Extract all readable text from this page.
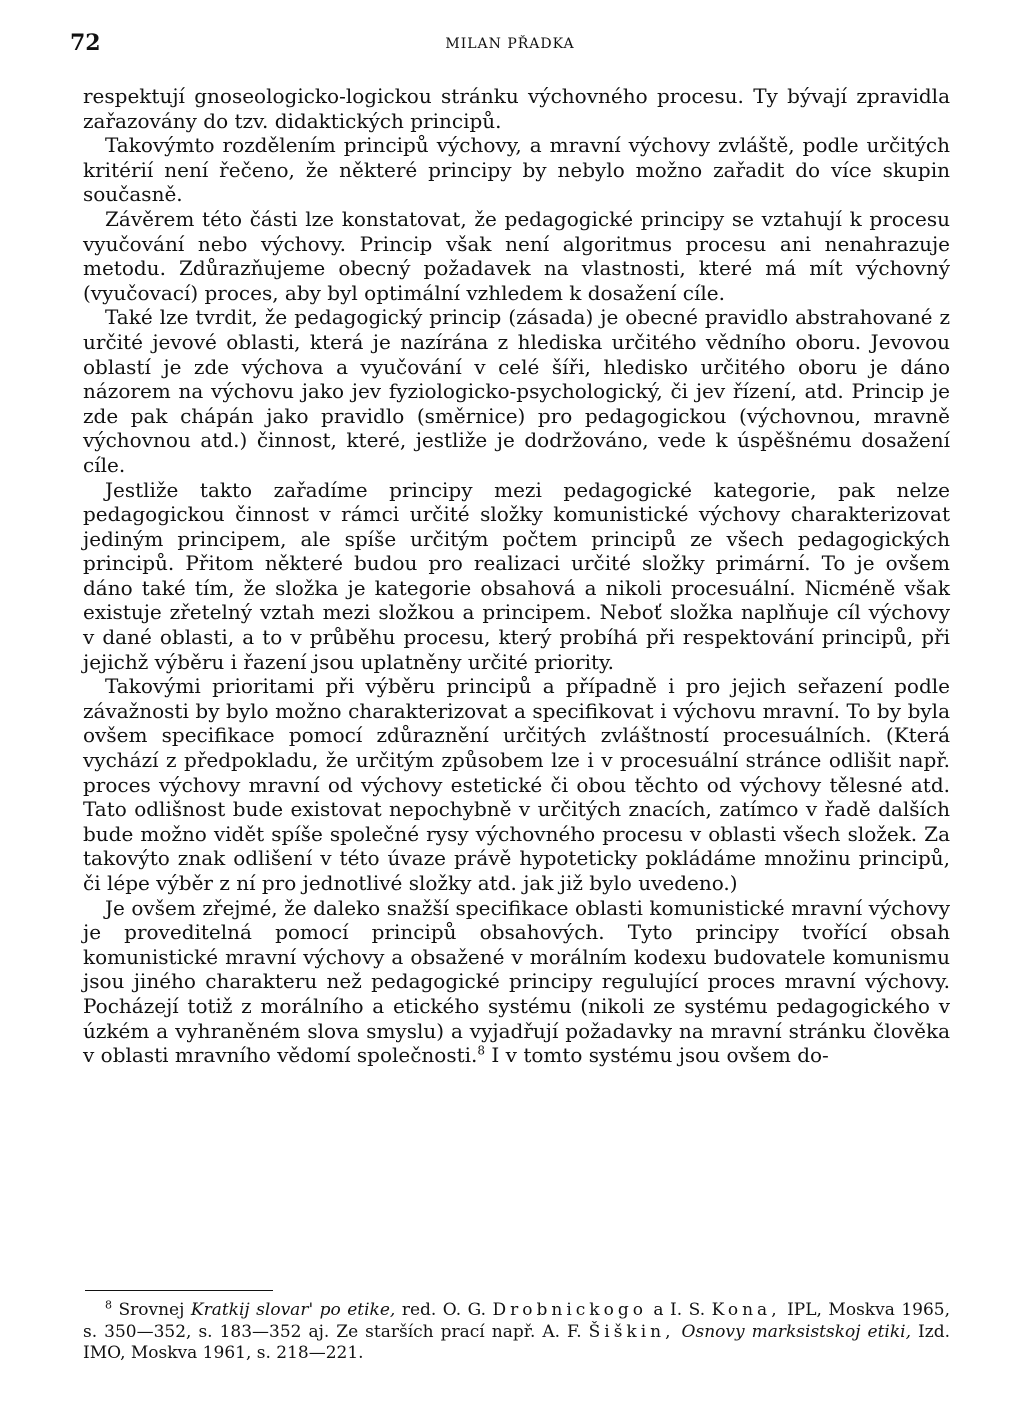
72	MILAN PŘADKA

respektují gnoseologicko-logickou stránku výchovného procesu. Ty bývají zpravidla zařazovány do tzv. didaktických principů.

Takovýmto rozdělením principů výchovy, a mravní výchovy zvláště, podle určitých kritérií není řečeno, že některé principy by nebylo možno zařadit do více skupin současně.

Závěrem této části lze konstatovat, že pedagogické principy se vztahují k procesu vyučování nebo výchovy. Princip však není algoritmus procesu ani nenahrazuje metodu. Zdůrazňujeme obecný požadavek na vlastnosti, které má mít výchovný (vyučovací) proces, aby byl optimální vzhledem k dosažení cíle.

Také lze tvrdit, že pedagogický princip (zásada) je obecné pravidlo abstrahované z určité jevové oblasti, která je nazírána z hlediska určitého vědního oboru. Jevovou oblastí je zde výchova a vyučování v celé šíři, hledisko určitého oboru je dáno názorem na výchovu jako jev fyziologicko-psychologický, či jev řízení, atd. Princip je zde pak chápán jako pravidlo (směrnice) pro pedagogickou (výchovnou, mravně výchovnou atd.) činnost, které, jestliže je dodržováno, vede k úspěšnému dosažení cíle.

Jestliže takto zařadíme principy mezi pedagogické kategorie, pak nelze pedagogickou činnost v rámci určité složky komunistické výchovy charakterizovat jediným principem, ale spíše určitým počtem principů ze všech pedagogických principů. Přitom některé budou pro realizaci určité složky primární. To je ovšem dáno také tím, že složka je kategorie obsahová a nikoli procesuální. Nicméně však existuje zřetelný vztah mezi složkou a principem. Neboť složka naplňuje cíl výchovy v dané oblasti, a to v průběhu procesu, který probíhá při respektování principů, při jejichž výběru i řazení jsou uplatněny určité priority.

Takovými prioritami při výběru principů a případně i pro jejich seřazení podle závažnosti by bylo možno charakterizovat a specifikovat i výchovu mravní. To by byla ovšem specifikace pomocí zdůraznění určitých zvláštností procesuálních. (Která vychází z předpokladu, že určitým způsobem lze i v procesuální stránce odlišit např. proces výchovy mravní od výchovy estetické či obou těchto od výchovy tělesné atd. Tato odlišnost bude existovat nepochybně v určitých znacích, zatímco v řadě dalších bude možno vidět spíše společné rysy výchovného procesu v oblasti všech složek. Za takovýto znak odlišení v této úvaze právě hypoteticky pokládáme množinu principů, či lépe výběr z ní pro jednotlivé složky atd. jak již bylo uvedeno.)

Je ovšem zřejmé, že daleko snažší specifikace oblasti komunistické mravní výchovy je proveditelná pomocí principů obsahových. Tyto principy tvořící obsah komunistické mravní výchovy a obsažené v morálním kodexu budovatele komunismu jsou jiného charakteru než pedagogické principy regulující proces mravní výchovy. Pocházejí totiž z morálního a etického systému (nikoli ze systému pedagogického v úzkém a vyhraněném slova smyslu) a vyjadřují požadavky na mravní stránku člověka v oblasti mravního vědomí společnosti.$^8$ I v tomto systému jsou ovšem do-

$^8$ Srovnej Kratkij slovar' po etike, red. O. G. Drobnickogo a I. S. Kona, IPL, Moskva 1965, s. 350—352, s. 183—352 aj. Ze starších prací např. A. F. Šiškin, Osnovy marksistskoj etiki, Izd. IMO, Moskva 1961, s. 218—221.
